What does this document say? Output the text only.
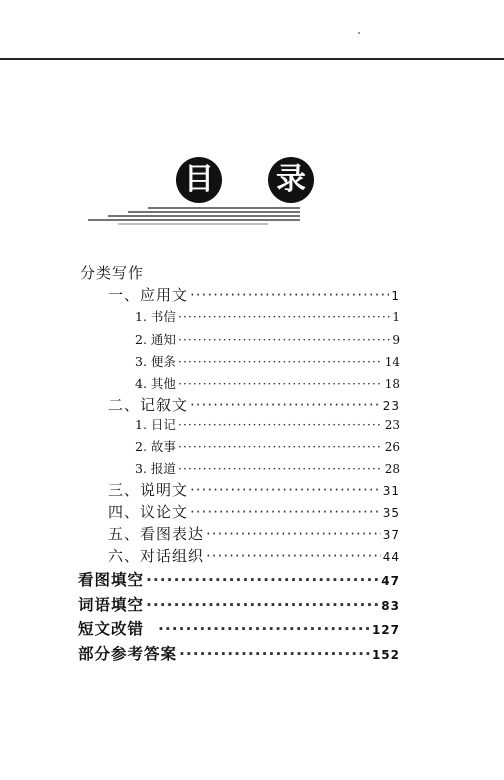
目 录
分类写作
一、应用文 ·····	1
1. 书信 ·····	1
2. 通知 ·····	9
3. 便条 ·····	14
4. 其他 ·····	18
二、记叙文 ·····	23
1. 日记 ·····	23
2. 故事 ·····	26
3. 报道 ·····	28
三、说明文 ·····	31
四、议论文 ·····	35
五、看图表达 ·····	37
六、对话组织 ·····	44
看图填空 ·····	47
词语填空 ·····	83
短文改错 ·····	127
部分参考答案 ·····	152
